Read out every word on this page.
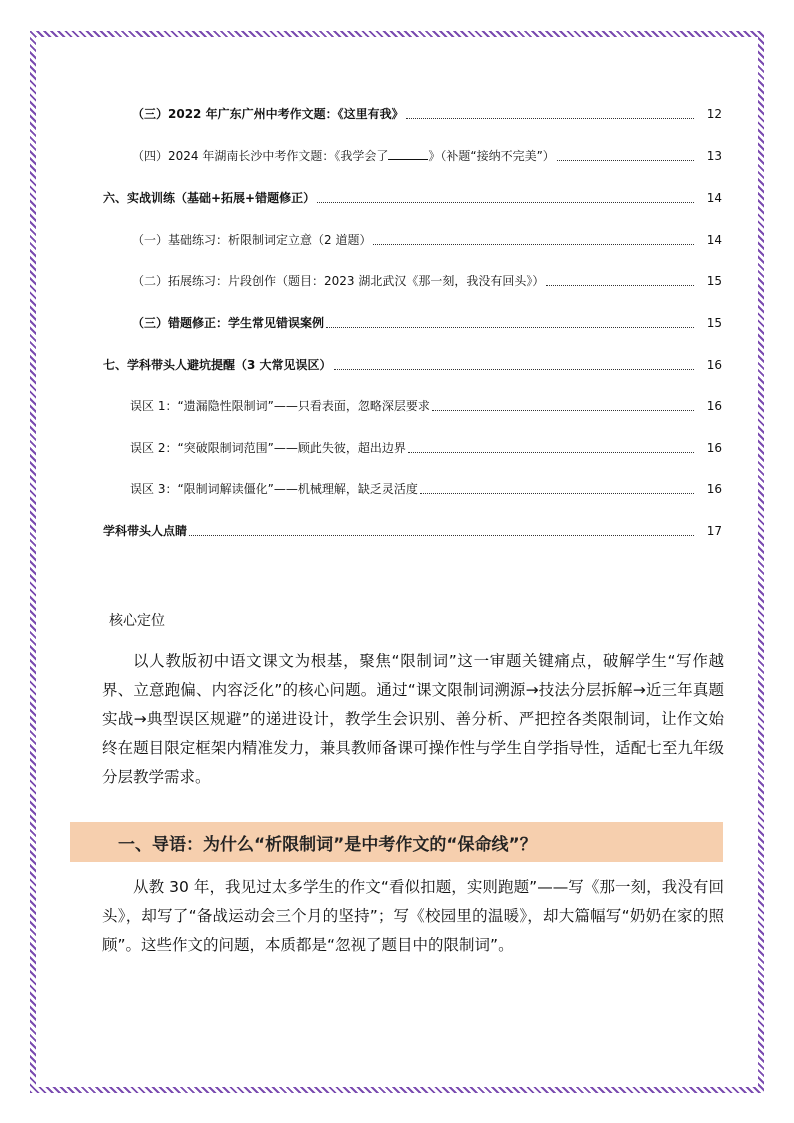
（三）2022 年广东广州中考作文题：《这里有我》	12
（四）2024 年湖南长沙中考作文题：《我学会了	》（补题“接纳不完美”）	13
六、实战训练（基础+拓展+错题修正）	14
（一）基础练习：析限制词定立意（2 道题）	14
（二）拓展练习：片段创作（题目：2023 湖北武汉《那一刻，我没有回头》）	15
（三）错题修正：学生常见错误案例	15
七、学科带头人避坑提醒（3 大常见误区）	16
误区 1：“遗漏隐性限制词”——只看表面，忽略深层要求	16
误区 2：“突破限制词范围”——顾此失彼，超出边界	16
误区 3：“限制词解读僵化”——机械理解，缺乏灵活度	16
学科带头人点睛	17
核心定位
以人教版初中语文课文为根基，聚焦“限制词”这一审题关键痛点，破解学生“写作越界、立意跑偏、内容泛化”的核心问题。通过“课文限制词溯源→技法分层拆解→近三年真题实战→典型误区规避”的递进设计，教学生会识别、善分析、严把控各类限制词，让作文始终在题目限定框架内精准发力，兼具教师备课可操作性与学生自学指导性，适配七至九年级分层教学需求。
一、导语：为什么“析限制词”是中考作文的“保命线”？
从教 30 年，我见过太多学生的作文“看似扣题，实则跑题”——写《那一刻，我没有回头》，却写了“备战运动会三个月的坚持”；写《校园里的温暖》，却大篇幅写“奶奶在家的照顾”。这些作文的问题，本质都是“忽视了题目中的限制词”。
